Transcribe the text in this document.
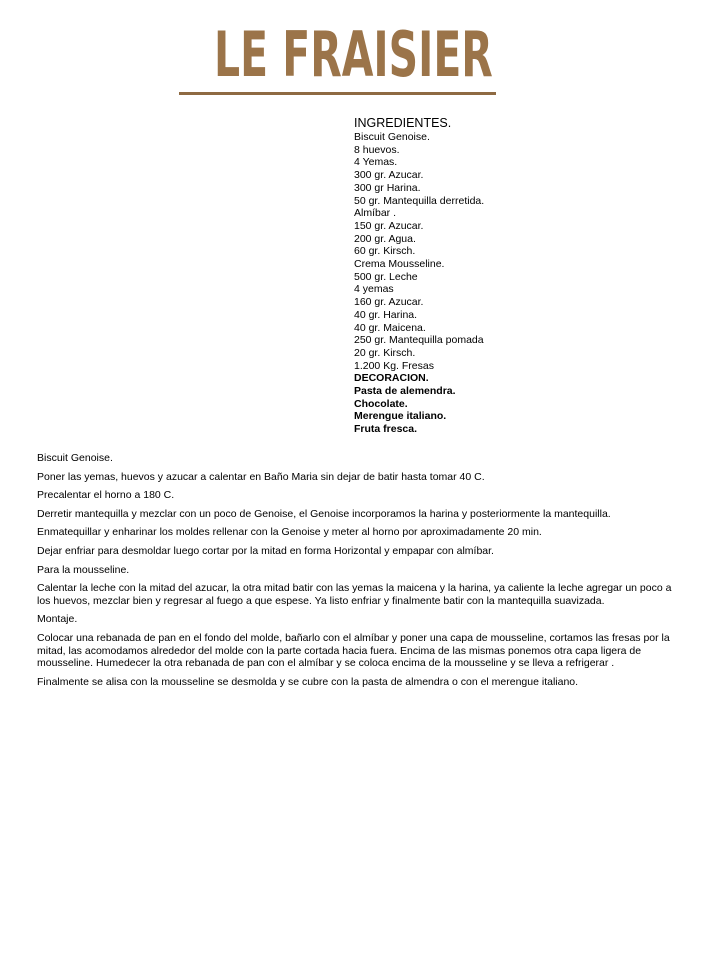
LE FRAISIER
INGREDIENTES.
Biscuit Genoise.
8 huevos.
4 Yemas.
300 gr. Azucar.
300 gr Harina.
50 gr. Mantequilla derretida.
Almíbar .
150 gr. Azucar.
200 gr. Agua.
60 gr. Kirsch.
Crema Mousseline.
500 gr. Leche
4 yemas
160 gr. Azucar.
40 gr. Harina.
40 gr. Maicena.
250 gr. Mantequilla pomada
20 gr. Kirsch.
1.200 Kg. Fresas
DECORACION.
Pasta de alemendra.
Chocolate.
Merengue italiano.
Fruta fresca.

Biscuit Genoise.

Poner las yemas, huevos y azucar a calentar en Baño Maria sin dejar de batir hasta tomar 40 C.

Precalentar el horno a 180 C.

Derretir mantequilla y mezclar con un poco de Genoise, el Genoise incorporamos la harina y posteriormente la mantequilla.

Enmatequillar y enharinar los moldes rellenar con la Genoise y meter al horno por aproximadamente 20 min.

Dejar enfriar para desmoldar luego cortar por la mitad en forma Horizontal y empapar con almíbar.

Para la mousseline.

Calentar la leche con la mitad del azucar, la otra mitad batir con las yemas la maicena y la harina, ya caliente la leche agregar un poco a los huevos, mezclar bien y regresar al fuego a que espese. Ya listo enfriar y finalmente batir con la mantequilla suavizada.

Montaje.

Colocar una rebanada de pan en el fondo del molde, bañarlo con el almíbar y poner una capa de mousseline, cortamos las fresas por la mitad, las acomodamos alrededor del molde con la parte cortada hacia fuera. Encima de las mismas ponemos otra capa ligera de mousseline. Humedecer la otra rebanada de pan con el almíbar y se coloca encima de la mousseline y se lleva a refrigerar .

Finalmente se alisa con la mousseline se desmolda y se cubre con la pasta de almendra o con el merengue italiano.
